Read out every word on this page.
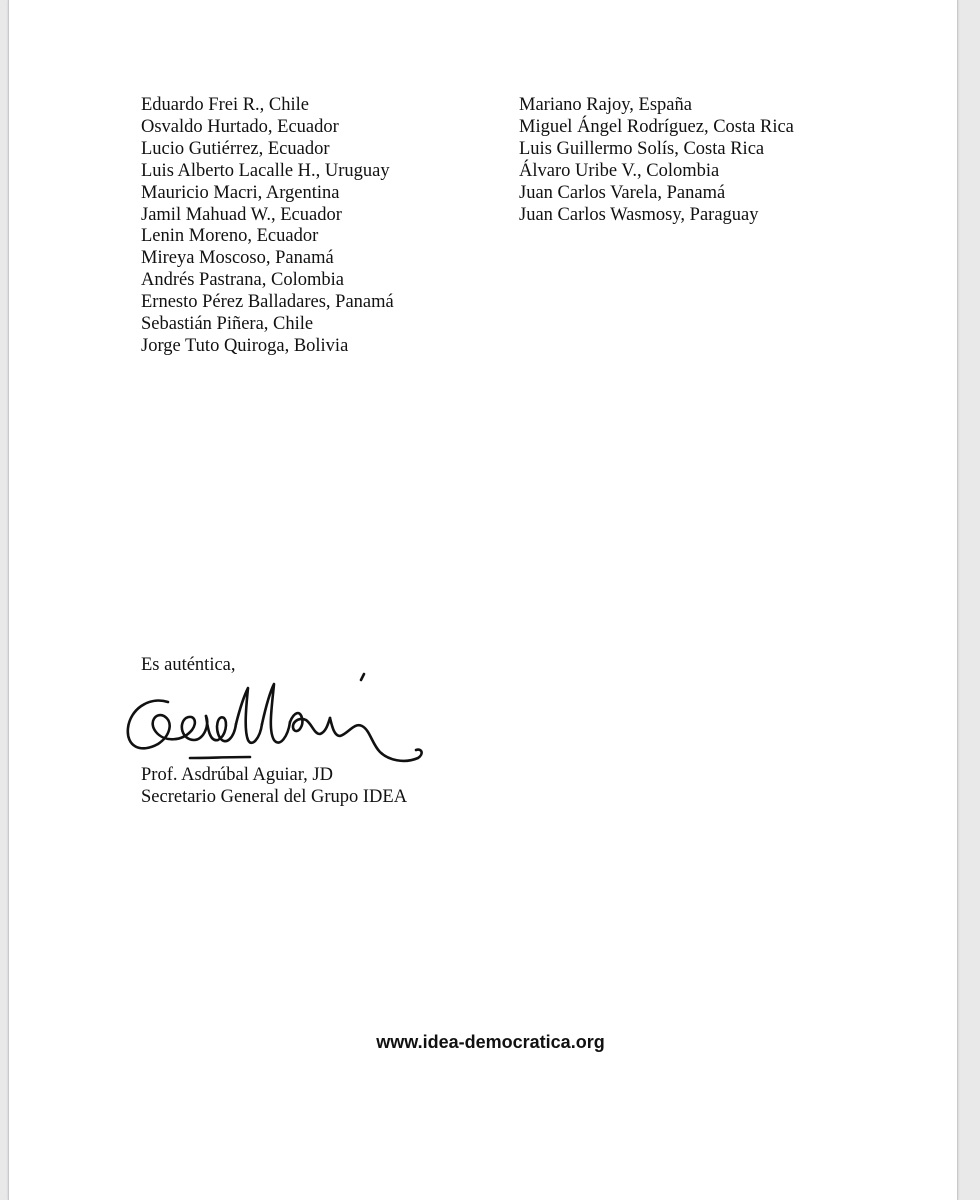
Eduardo Frei R., Chile
Osvaldo Hurtado, Ecuador
Lucio Gutiérrez, Ecuador
Luis Alberto Lacalle H., Uruguay
Mauricio Macri, Argentina
Jamil Mahuad W., Ecuador
Lenin Moreno, Ecuador
Mireya Moscoso, Panamá
Andrés Pastrana, Colombia
Ernesto Pérez Balladares, Panamá
Sebastián Piñera, Chile
Jorge Tuto Quiroga, Bolivia
Mariano Rajoy, España
Miguel Ángel Rodríguez, Costa Rica
Luis Guillermo Solís, Costa Rica
Álvaro Uribe V., Colombia
Juan Carlos Varela, Panamá
Juan Carlos Wasmosy, Paraguay
Es auténtica,
Prof. Asdrúbal Aguiar, JD
Secretario General del Grupo IDEA
www.idea-democratica.org
